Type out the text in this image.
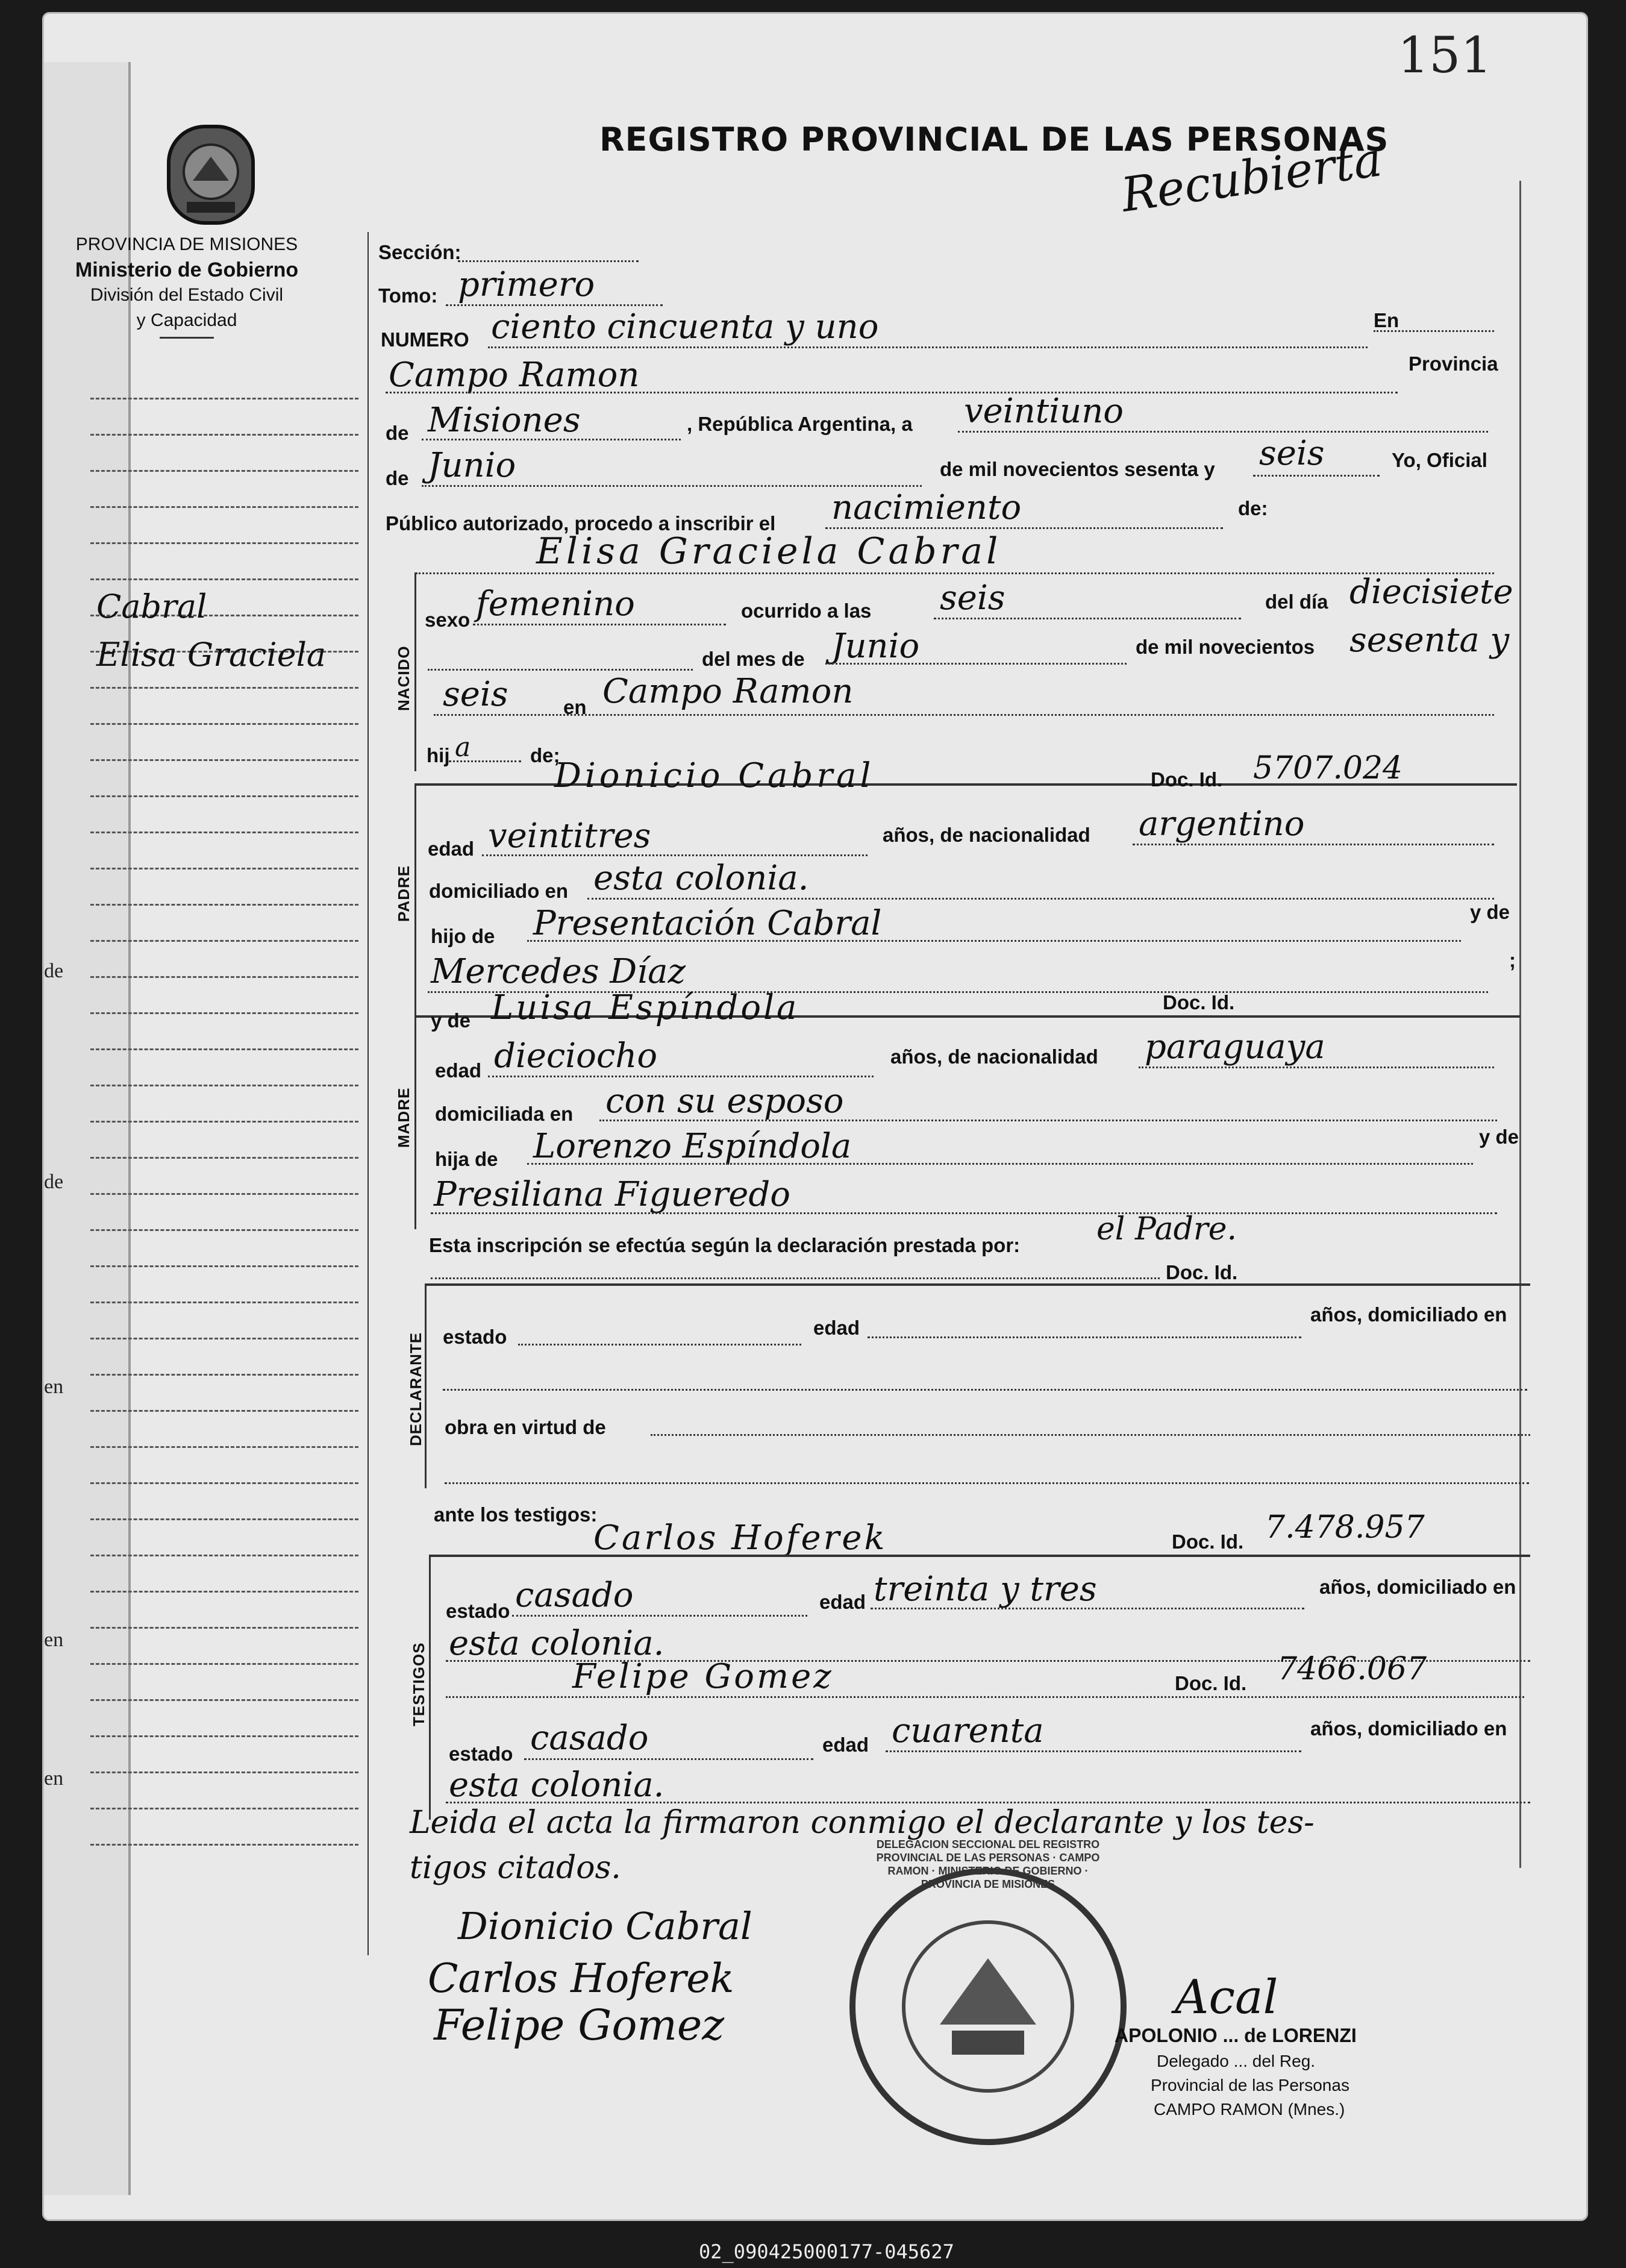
de
de
en
en
en
151
REGISTRO PROVINCIAL DE LAS PERSONAS
Recubierta
PROVINCIA DE MISIONES
Ministerio de Gobierno
División del Estado Civil
y Capacidad
Cabral
Elisa Graciela
Sección:
Tomo: primero
NUMERO ciento cincuenta y uno	En
Campo Ramon	Provincia
de Misiones	, República Argentina, a veintiuno
de Junio	de mil novecientos sesenta y seis	Yo, Oficial
Público autorizado, procedo a inscribir el nacimiento	de:
Elisa Graciela Cabral
NACIDO
sexo femenino	ocurrido a las seis	del día diecisiete
del mes de Junio	de mil novecientos sesenta y
seis	en Campo Ramon
hij a	de;
Dionicio Cabral	Doc. Id. 5707.024
PADRE
edad veintitres	años, de nacionalidad argentino
domiciliado en esta colonia.
hijo de Presentación Cabral	y de
Mercedes Díaz	;
y de Luisa Espíndola	Doc. Id.
MADRE
edad dieciocho	años, de nacionalidad paraguaya
domiciliada en con su esposo
hija de Lorenzo Espíndola	y de
Presiliana Figueredo
Esta inscripción se efectúa según la declaración prestada por: el Padre.
Doc. Id.
DECLARANTE estado	edad
años, domiciliado en
obra en virtud de
ante los testigos:
Carlos Hoferek	Doc. Id. 7.478.957
TESTIGOS
estado casado	edad treinta y tres	años, domiciliado en
esta colonia.
Felipe Gomez	Doc. Id. 7466.067
estado casado	edad cuarenta	años, domiciliado en
esta colonia.
Leida el acta la firmaron conmigo el declarante y los tes-
tigos citados.
Dionicio Cabral
Carlos Hoferek
Felipe Gomez
DELEGACION SECCIONAL DEL REGISTRO PROVINCIAL DE LAS PERSONAS · CAMPO RAMON · MINISTERIO DE GOBIERNO · PROVINCIA DE MISIONES
Acal
APOLONIO ... de LORENZI
Delegado ... del Reg.
Provincial de las Personas
CAMPO RAMON (Mnes.)
02_090425000177-045627
